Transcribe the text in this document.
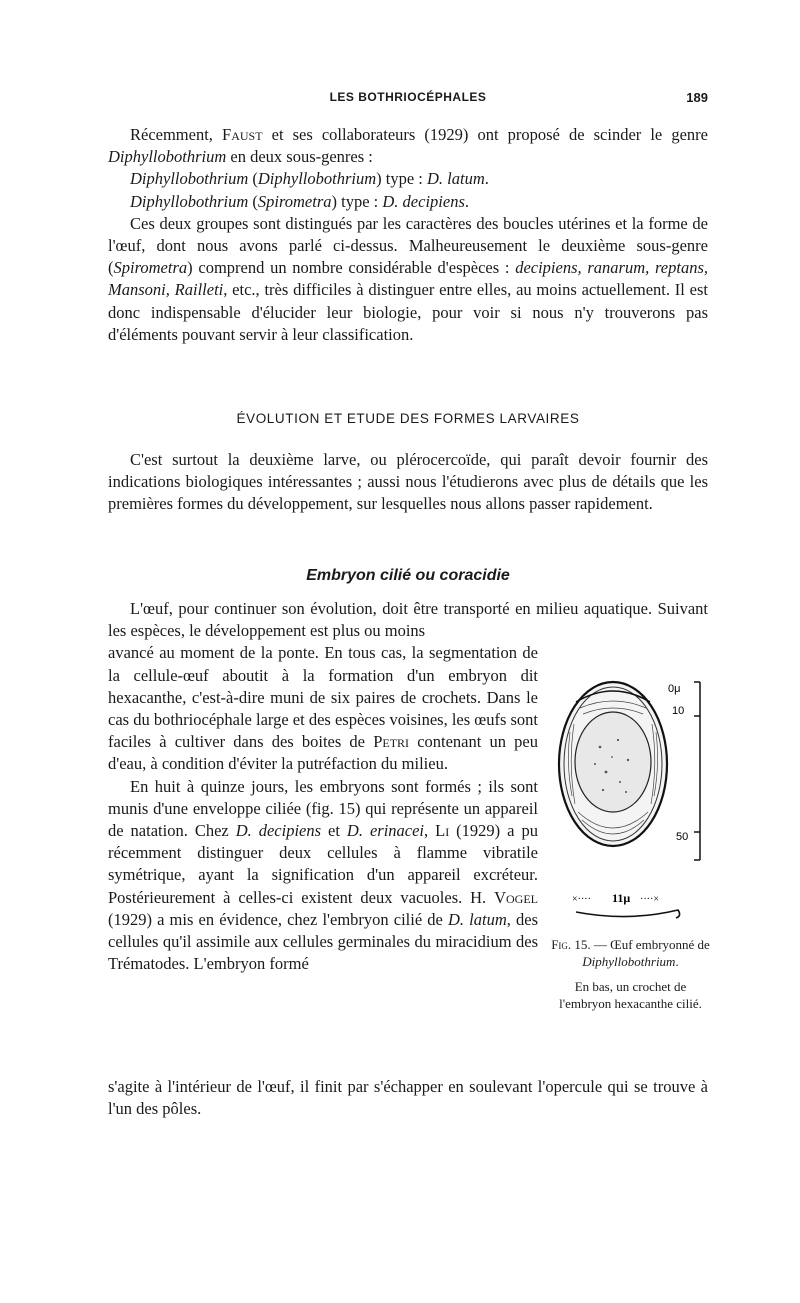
LES BOTHRIOCÉPHALES	189

Récemment, Faust et ses collaborateurs (1929) ont proposé de scinder le genre Diphyllobothrium en deux sous-genres :

Diphyllobothrium (Diphyllobothrium) type : D. latum.

Diphyllobothrium (Spirometra) type : D. decipiens.

Ces deux groupes sont distingués par les caractères des boucles utérines et la forme de l'œuf, dont nous avons parlé ci-dessus. Malheureusement le deuxième sous-genre (Spirometra) comprend un nombre considérable d'espèces : decipiens, ranarum, reptans, Mansoni, Railleti, etc., très difficiles à distinguer entre elles, au moins actuellement. Il est donc indispensable d'élucider leur biologie, pour voir si nous n'y trouverons pas d'éléments pouvant servir à leur classification.

ÉVOLUTION ET ETUDE DES FORMES LARVAIRES

C'est surtout la deuxième larve, ou plérocercoïde, qui paraît devoir fournir des indications biologiques intéressantes ; aussi nous l'étudierons avec plus de détails que les premières formes du développement, sur lesquelles nous allons passer rapidement.

Embryon cilié ou coracidie

L'œuf, pour continuer son évolution, doit être transporté en milieu aquatique. Suivant les espèces, le développement est plus ou moins

avancé au moment de la ponte. En tous cas, la segmentation de la cellule-œuf aboutit à la formation d'un embryon dit hexacanthe, c'est-à-dire muni de six paires de crochets. Dans le cas du bothriocéphale large et des espèces voisines, les œufs sont faciles à cultiver dans des boites de Petri contenant un peu d'eau, à condition d'éviter la putréfaction du milieu.

En huit à quinze jours, les embryons sont formés ; ils sont munis d'une enveloppe ciliée (fig. 15) qui représente un appareil de natation. Chez D. decipiens et D. erinacei, Li (1929) a pu récemment distinguer deux cellules à flamme vibratile symétrique, ayant la signification d'un appareil excréteur. Postérieurement à celles-ci existent deux vacuoles. H. Vogel (1929) a mis en évidence, chez l'embryon cilié de D. latum, des cellules qu'il assimile aux cellules germinales du miracidium des Trématodes. L'embryon formé

s'agite à l'intérieur de l'œuf, il finit par s'échapper en soulevant l'opercule qui se trouve à l'un des pôles.

0μ
10
50
11μ
×····	····×
Fig. 15. — Œuf embryonné de Diphyllobothrium.
En bas, un crochet de l'embryon hexacanthe cilié.
